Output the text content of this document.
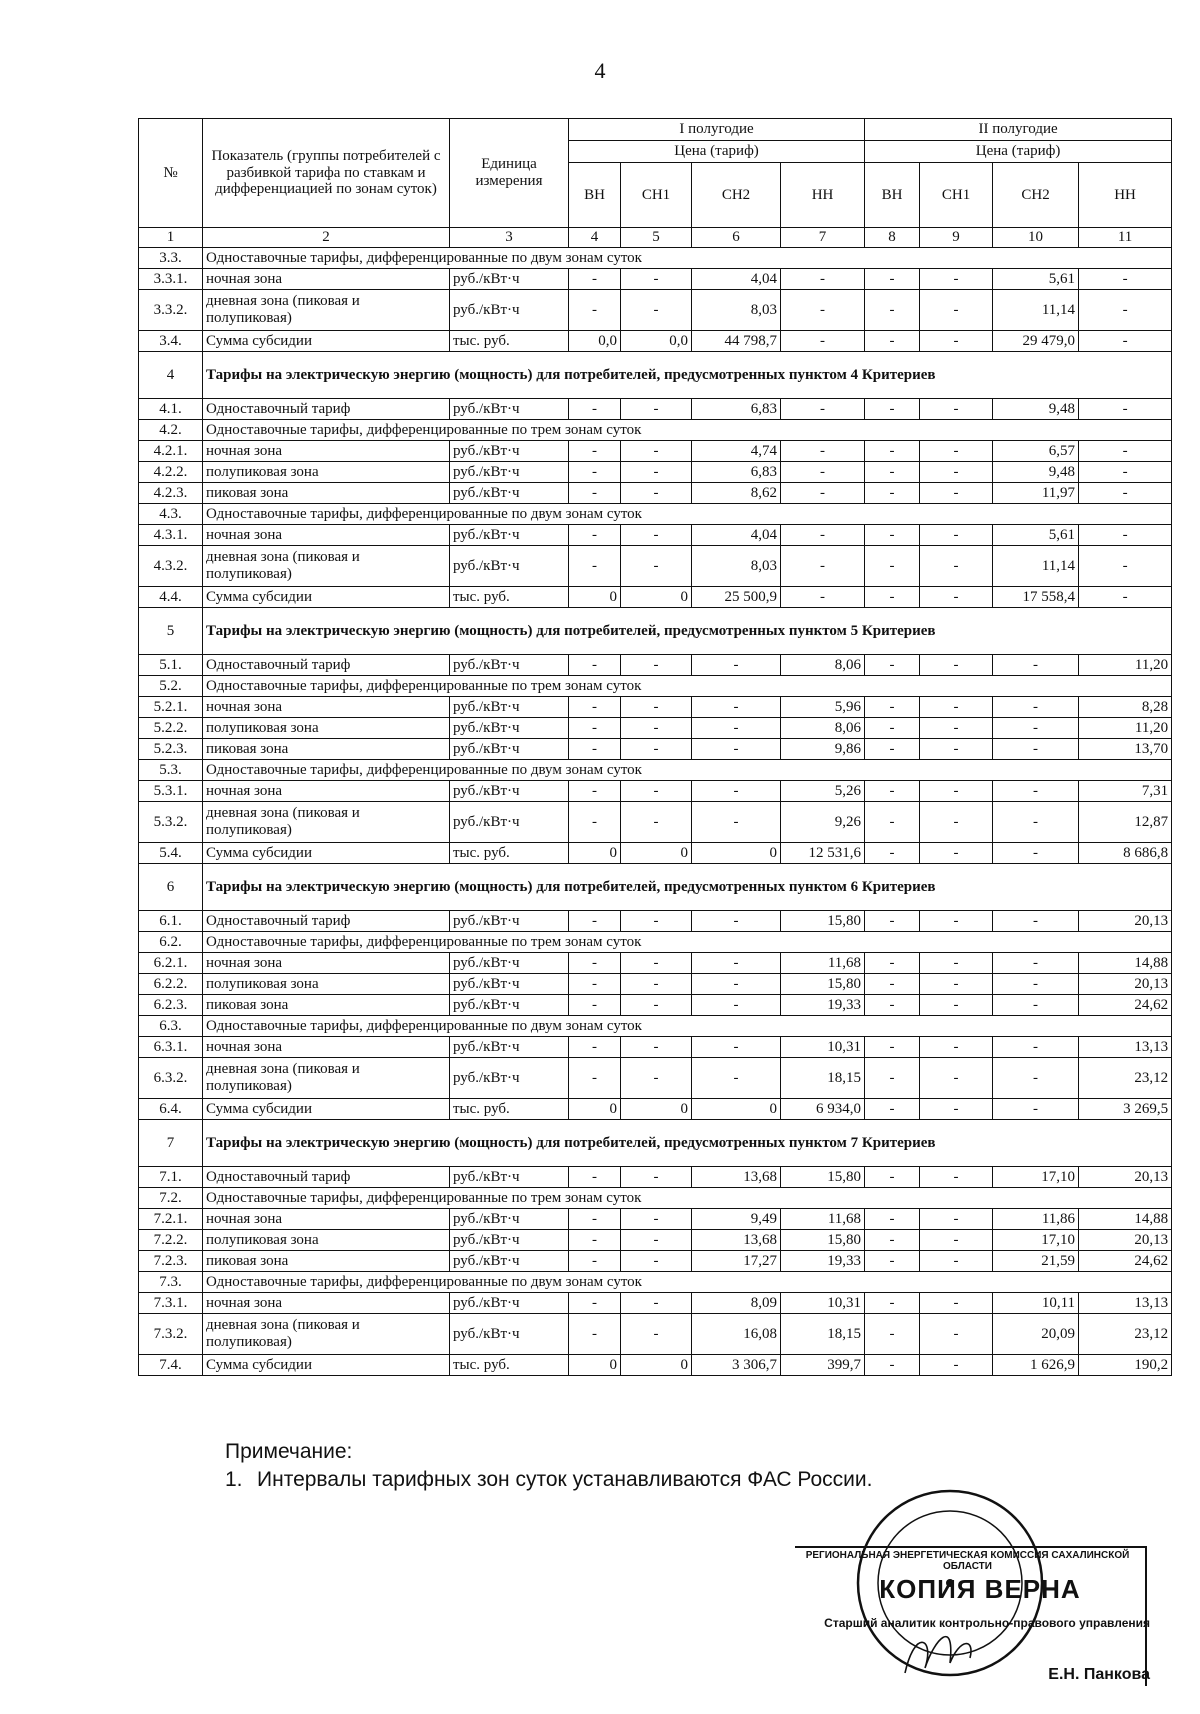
4
№	Показатель (группы потребителей с разбивкой тарифа по ставкам и дифференциацией по зонам суток)	Единица измерения	I полугодие				II полугодие			
			Цена (тариф)				Цена (тариф)			
			ВН	СН1	СН2	НН	ВН	СН1	СН2	НН
1	2	3	4	5	6	7	8	9	10	11
3.3.	Одноставочные тарифы, дифференцированные по двум зонам суток									
3.3.1.	ночная зона	руб./кВт·ч	-	-	4,04	-	-	-	5,61	-
3.3.2.	дневная зона (пиковая и полупиковая)	руб./кВт·ч	-	-	8,03	-	-	-	11,14	-
3.4.	Сумма субсидии	тыс. руб.	0,0	0,0	44 798,7	-	-	-	29 479,0	-
4	Тарифы на электрическую энергию (мощность) для потребителей, предусмотренных пунктом 4 Критериев									
4.1.	Одноставочный тариф	руб./кВт·ч	-	-	6,83	-	-	-	9,48	-
4.2.	Одноставочные тарифы, дифференцированные по трем зонам суток									
4.2.1.	ночная зона	руб./кВт·ч	-	-	4,74	-	-	-	6,57	-
4.2.2.	полупиковая зона	руб./кВт·ч	-	-	6,83	-	-	-	9,48	-
4.2.3.	пиковая зона	руб./кВт·ч	-	-	8,62	-	-	-	11,97	-
4.3.	Одноставочные тарифы, дифференцированные по двум зонам суток									
4.3.1.	ночная зона	руб./кВт·ч	-	-	4,04	-	-	-	5,61	-
4.3.2.	дневная зона (пиковая и полупиковая)	руб./кВт·ч	-	-	8,03	-	-	-	11,14	-
4.4.	Сумма субсидии	тыс. руб.	0	0	25 500,9	-	-	-	17 558,4	-
5	Тарифы на электрическую энергию (мощность) для потребителей, предусмотренных пунктом 5 Критериев									
5.1.	Одноставочный тариф	руб./кВт·ч	-	-	-	8,06	-	-	-	11,20
5.2.	Одноставочные тарифы, дифференцированные по трем зонам суток									
5.2.1.	ночная зона	руб./кВт·ч	-	-	-	5,96	-	-	-	8,28
5.2.2.	полупиковая зона	руб./кВт·ч	-	-	-	8,06	-	-	-	11,20
5.2.3.	пиковая зона	руб./кВт·ч	-	-	-	9,86	-	-	-	13,70
5.3.	Одноставочные тарифы, дифференцированные по двум зонам суток									
5.3.1.	ночная зона	руб./кВт·ч	-	-	-	5,26	-	-	-	7,31
5.3.2.	дневная зона (пиковая и полупиковая)	руб./кВт·ч	-	-	-	9,26	-	-	-	12,87
5.4.	Сумма субсидии	тыс. руб.	0	0	0	12 531,6	-	-	-	8 686,8
6	Тарифы на электрическую энергию (мощность) для потребителей, предусмотренных пунктом 6 Критериев									
6.1.	Одноставочный тариф	руб./кВт·ч	-	-	-	15,80	-	-	-	20,13
6.2.	Одноставочные тарифы, дифференцированные по трем зонам суток									
6.2.1.	ночная зона	руб./кВт·ч	-	-	-	11,68	-	-	-	14,88
6.2.2.	полупиковая зона	руб./кВт·ч	-	-	-	15,80	-	-	-	20,13
6.2.3.	пиковая зона	руб./кВт·ч	-	-	-	19,33	-	-	-	24,62
6.3.	Одноставочные тарифы, дифференцированные по двум зонам суток									
6.3.1.	ночная зона	руб./кВт·ч	-	-	-	10,31	-	-	-	13,13
6.3.2.	дневная зона (пиковая и полупиковая)	руб./кВт·ч	-	-	-	18,15	-	-	-	23,12
6.4.	Сумма субсидии	тыс. руб.	0	0	0	6 934,0	-	-	-	3 269,5
7	Тарифы на электрическую энергию (мощность) для потребителей, предусмотренных пунктом 7 Критериев									
7.1.	Одноставочный тариф	руб./кВт·ч	-	-	13,68	15,80	-	-	17,10	20,13
7.2.	Одноставочные тарифы, дифференцированные по трем зонам суток									
7.2.1.	ночная зона	руб./кВт·ч	-	-	9,49	11,68	-	-	11,86	14,88
7.2.2.	полупиковая зона	руб./кВт·ч	-	-	13,68	15,80	-	-	17,10	20,13
7.2.3.	пиковая зона	руб./кВт·ч	-	-	17,27	19,33	-	-	21,59	24,62
7.3.	Одноставочные тарифы, дифференцированные по двум зонам суток									
7.3.1.	ночная зона	руб./кВт·ч	-	-	8,09	10,31	-	-	10,11	13,13
7.3.2.	дневная зона (пиковая и полупиковая)	руб./кВт·ч	-	-	16,08	18,15	-	-	20,09	23,12
7.4.	Сумма субсидии	тыс. руб.	0	0	3 306,7	399,7	-	-	1 626,9	190,2
Примечание:
1. Интервалы тарифных зон суток устанавливаются ФАС России.
РЕГИОНАЛЬНАЯ ЭНЕРГЕТИЧЕСКАЯ КОМИССИЯ САХАЛИНСКОЙ ОБЛАСТИ
КОПИЯ ВЕРНА
Старший аналитик контрольно-правового управления
Е.Н. Панкова
